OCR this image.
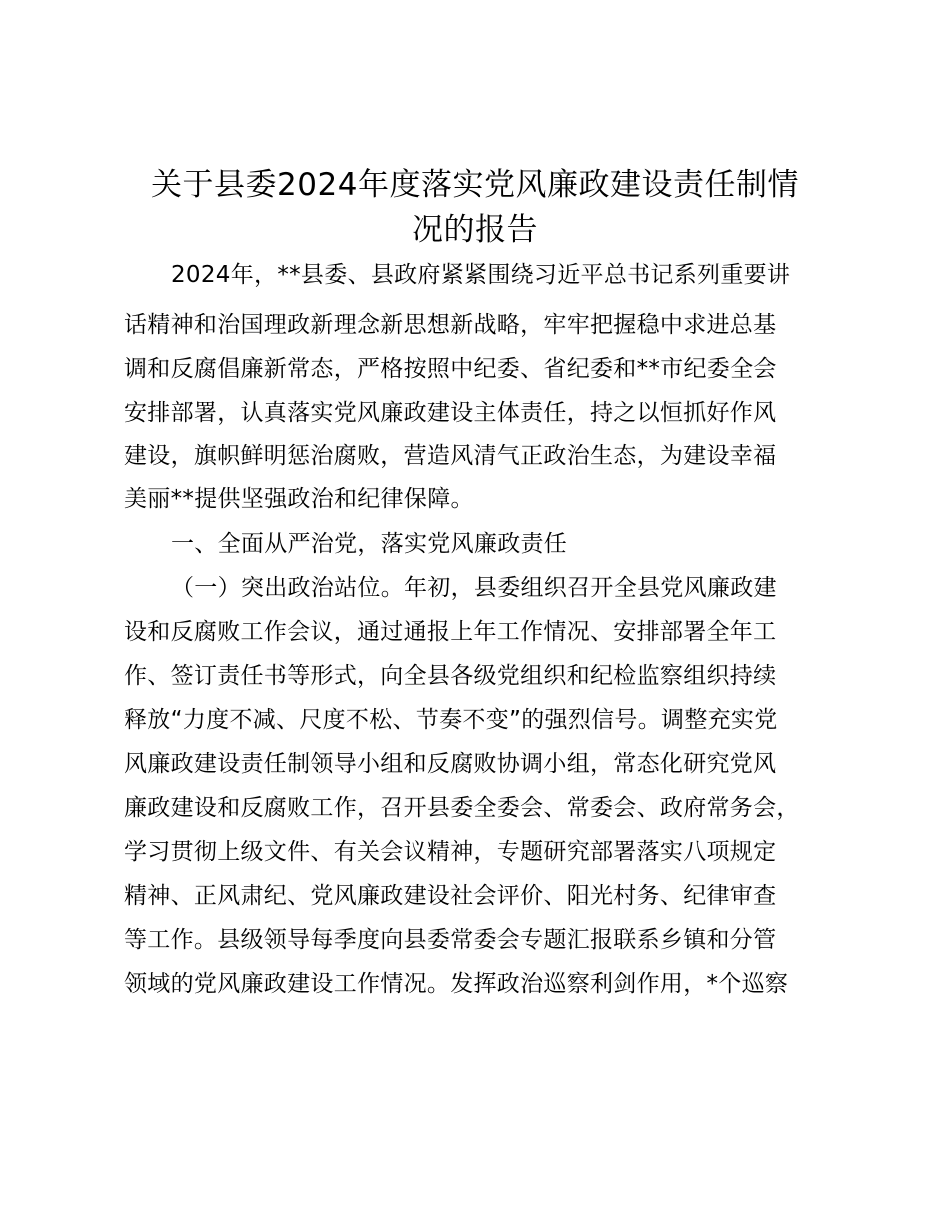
关于县委2024年度落实党风廉政建设责任制情
况的报告
2024年，**县委、县政府紧紧围绕习近平总书记系列重要讲
话精神和治国理政新理念新思想新战略，牢牢把握稳中求进总基
调和反腐倡廉新常态，严格按照中纪委、省纪委和**市纪委全会
安排部署，认真落实党风廉政建设主体责任，持之以恒抓好作风
建设，旗帜鲜明惩治腐败，营造风清气正政治生态，为建设幸福
美丽**提供坚强政治和纪律保障。
一、全面从严治党，落实党风廉政责任
（一）突出政治站位。年初，县委组织召开全县党风廉政建
设和反腐败工作会议，通过通报上年工作情况、安排部署全年工
作、签订责任书等形式，向全县各级党组织和纪检监察组织持续
释放“力度不减、尺度不松、节奏不变”的强烈信号。调整充实党
风廉政建设责任制领导小组和反腐败协调小组，常态化研究党风
廉政建设和反腐败工作，召开县委全委会、常委会、政府常务会，
学习贯彻上级文件、有关会议精神，专题研究部署落实八项规定
精神、正风肃纪、党风廉政建设社会评价、阳光村务、纪律审查
等工作。县级领导每季度向县委常委会专题汇报联系乡镇和分管
领域的党风廉政建设工作情况。发挥政治巡察利剑作用，*个巡察
